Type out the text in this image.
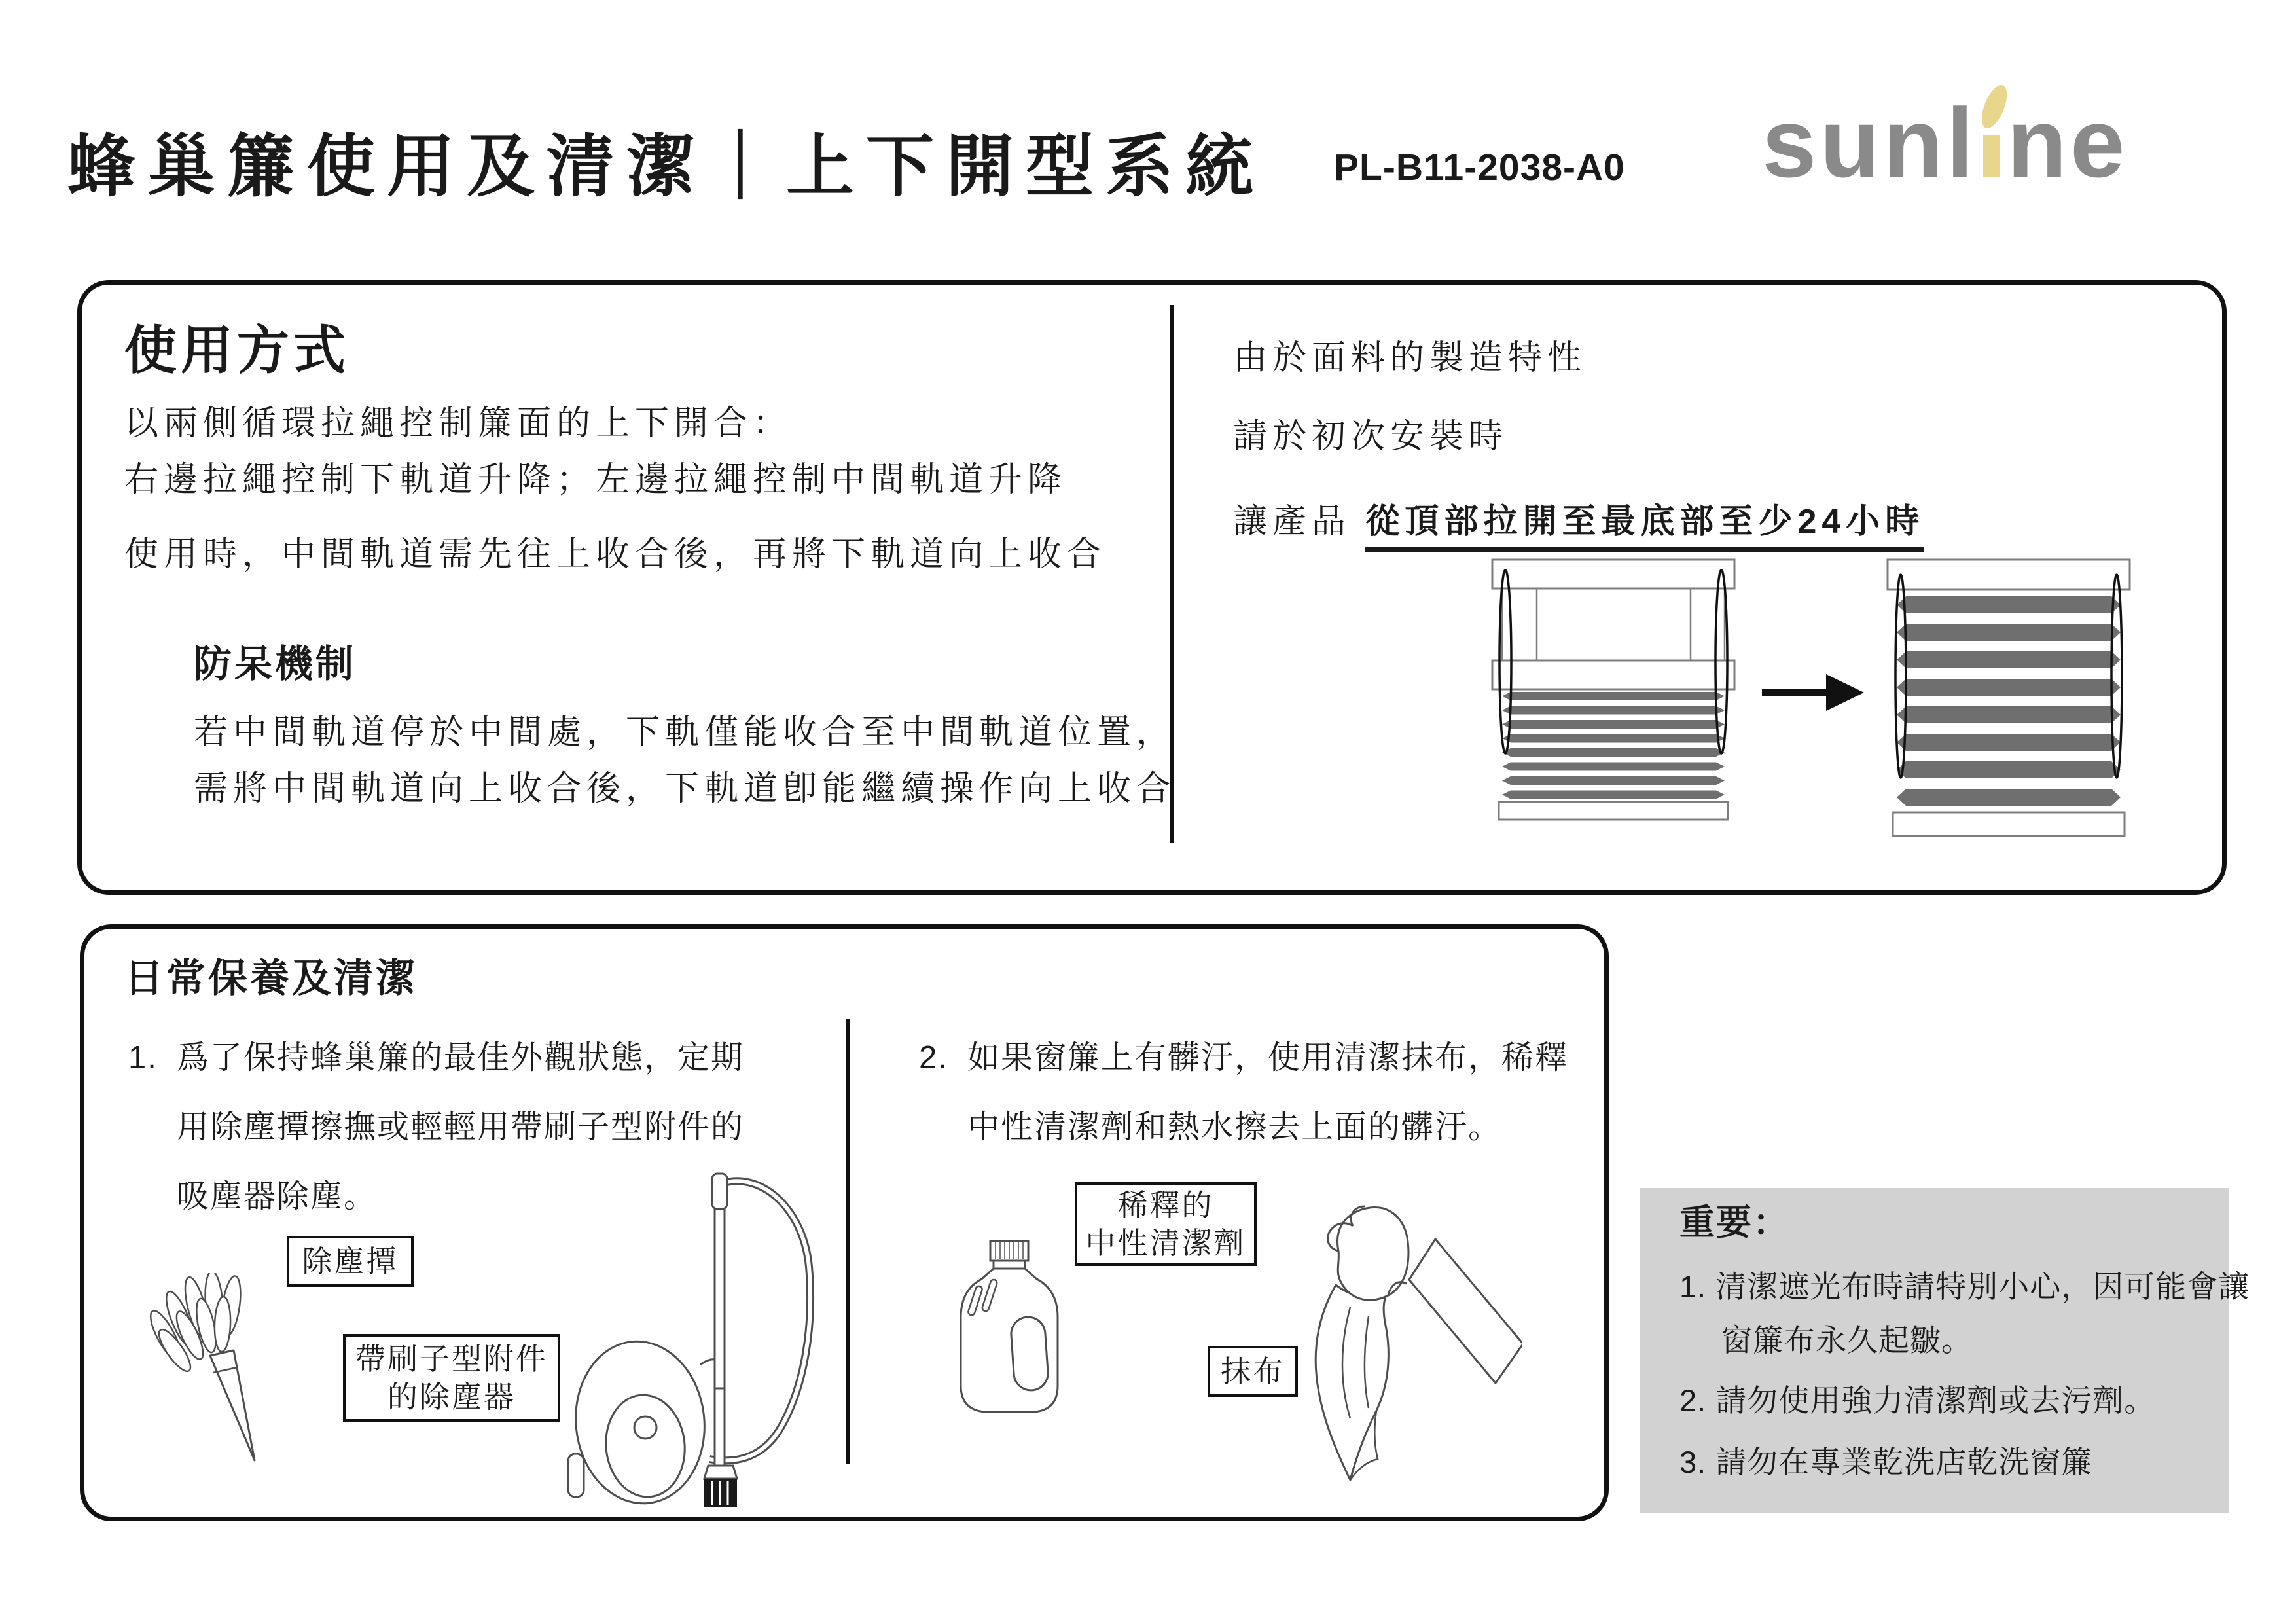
蜂巢簾使用及清潔｜上下開型系統 PL-B11-2038-A0 sunl ne
使用方式
以兩側循環拉繩控制簾面的上下開合：
右邊拉繩控制下軌道升降；左邊拉繩控制中間軌道升降
使用時，中間軌道需先往上收合後，再將下軌道向上收合
防呆機制
若中間軌道停於中間處，下軌僅能收合至中間軌道位置，
需將中間軌道向上收合後，下軌道卽能繼續操作向上收合
由於面料的製造特性
請於初次安裝時
讓產品 從頂部拉開至最底部至少24小時
日常保養及清潔
1. 爲了保持蜂巢簾的最佳外觀狀態，定期
用除塵撢擦撫或輕輕用帶刷子型附件的
吸塵器除塵。
2. 如果窗簾上有髒汙，使用清潔抹布，稀釋
中性清潔劑和熱水擦去上面的髒汙。
除塵撢
帶刷子型附件
的除塵器
稀釋的
中性清潔劑
抹布
重要：
1. 清潔遮光布時請特別小心，因可能會讓
窗簾布永久起皺。
2. 請勿使用強力清潔劑或去污劑。
3. 請勿在專業乾洗店乾洗窗簾
